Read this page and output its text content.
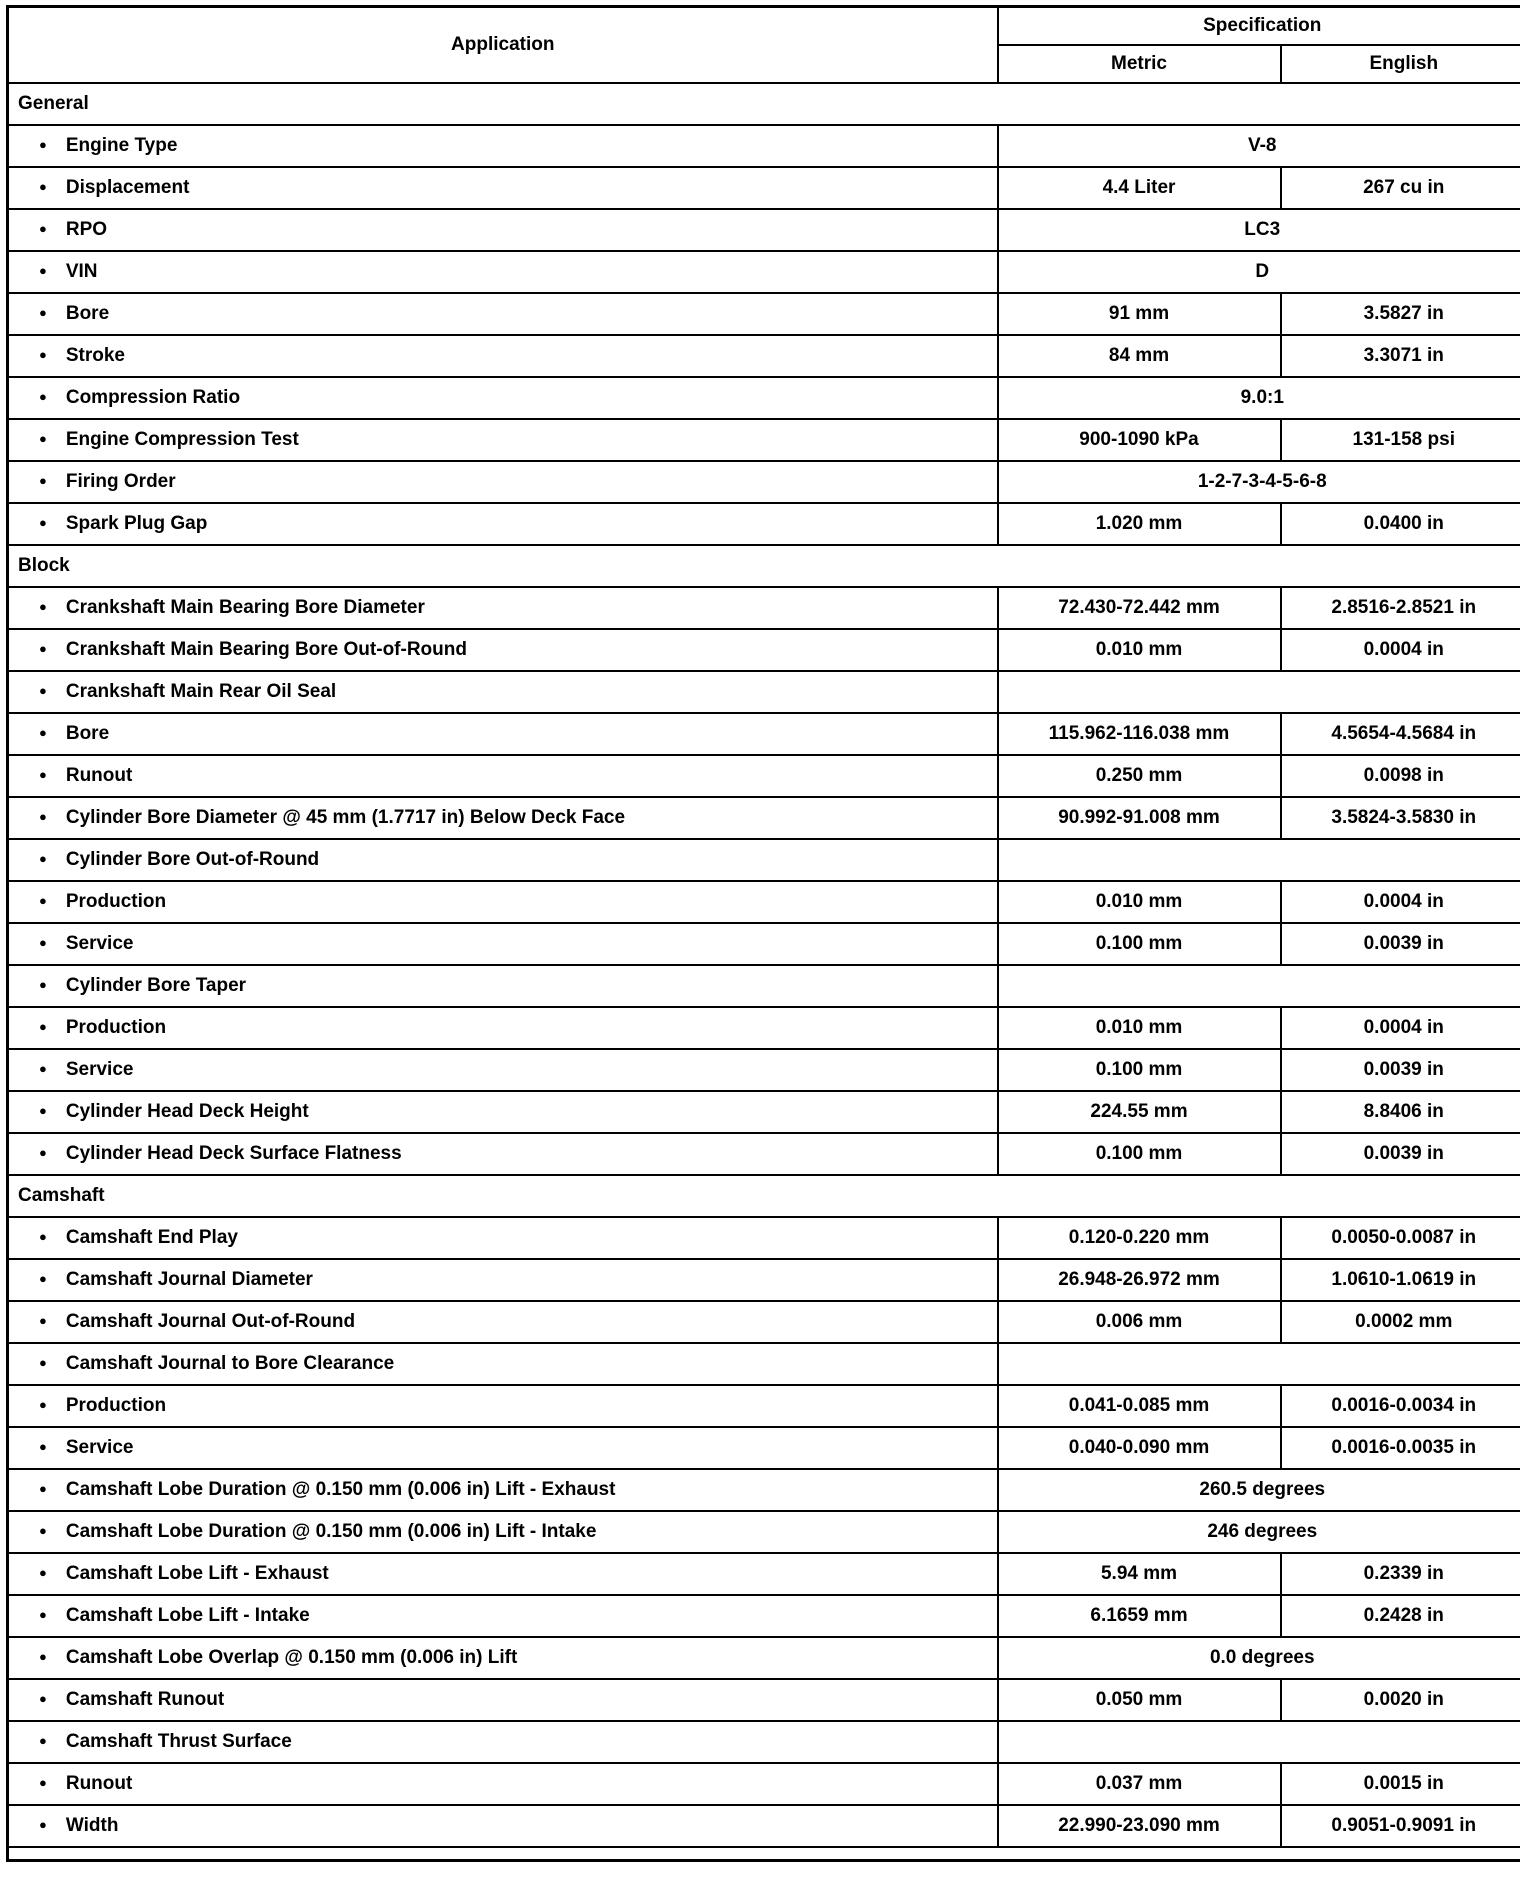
Application	Specification	
	Metric	English
General		
● Engine Type	V-8	
● Displacement	4.4 Liter	267 cu in
● RPO	LC3	
● VIN	D	
● Bore	91 mm	3.5827 in
● Stroke	84 mm	3.3071 in
● Compression Ratio	9.0:1	
● Engine Compression Test	900-1090 kPa	131-158 psi
● Firing Order	1-2-7-3-4-5-6-8	
● Spark Plug Gap	1.020 mm	0.0400 in
Block		
● Crankshaft Main Bearing Bore Diameter	72.430-72.442 mm	2.8516-2.8521 in
● Crankshaft Main Bearing Bore Out-of-Round	0.010 mm	0.0004 in
● Crankshaft Main Rear Oil Seal		
● Bore	115.962-116.038 mm	4.5654-4.5684 in
● Runout	0.250 mm	0.0098 in
● Cylinder Bore Diameter @ 45 mm (1.7717 in) Below Deck Face	90.992-91.008 mm	3.5824-3.5830 in
● Cylinder Bore Out-of-Round		
● Production	0.010 mm	0.0004 in
● Service	0.100 mm	0.0039 in
● Cylinder Bore Taper		
● Production	0.010 mm	0.0004 in
● Service	0.100 mm	0.0039 in
● Cylinder Head Deck Height	224.55 mm	8.8406 in
● Cylinder Head Deck Surface Flatness	0.100 mm	0.0039 in
Camshaft		
● Camshaft End Play	0.120-0.220 mm	0.0050-0.0087 in
● Camshaft Journal Diameter	26.948-26.972 mm	1.0610-1.0619 in
● Camshaft Journal Out-of-Round	0.006 mm	0.0002 mm
● Camshaft Journal to Bore Clearance		
● Production	0.041-0.085 mm	0.0016-0.0034 in
● Service	0.040-0.090 mm	0.0016-0.0035 in
● Camshaft Lobe Duration @ 0.150 mm (0.006 in) Lift - Exhaust	260.5 degrees	
● Camshaft Lobe Duration @ 0.150 mm (0.006 in) Lift - Intake	246 degrees	
● Camshaft Lobe Lift - Exhaust	5.94 mm	0.2339 in
● Camshaft Lobe Lift - Intake	6.1659 mm	0.2428 in
● Camshaft Lobe Overlap @ 0.150 mm (0.006 in) Lift	0.0 degrees	
● Camshaft Runout	0.050 mm	0.0020 in
● Camshaft Thrust Surface		
● Runout	0.037 mm	0.0015 in
● Width	22.990-23.090 mm	0.9051-0.9091 in
